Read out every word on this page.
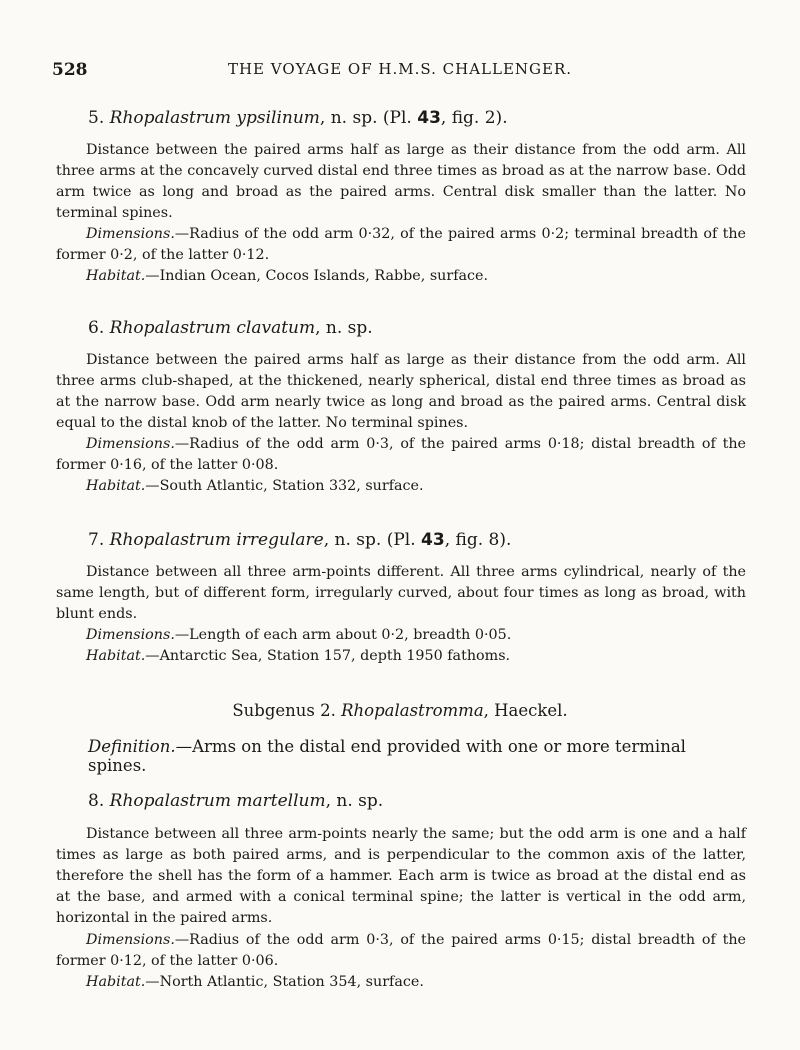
528	THE VOYAGE OF H.M.S. CHALLENGER.
5. Rhopalastrum ypsilinum, n. sp. (Pl. 43, fig. 2).

Distance between the paired arms half as large as their distance from the odd arm. All three arms at the concavely curved distal end three times as broad as at the narrow base. Odd arm twice as long and broad as the paired arms. Central disk smaller than the latter. No terminal spines.

Dimensions.—Radius of the odd arm 0·32, of the paired arms 0·2; terminal breadth of the former 0·2, of the latter 0·12.
Habitat.—Indian Ocean, Cocos Islands, Rabbe, surface.
6. Rhopalastrum clavatum, n. sp.

Distance between the paired arms half as large as their distance from the odd arm. All three arms club-shaped, at the thickened, nearly spherical, distal end three times as broad as at the narrow base. Odd arm nearly twice as long and broad as the paired arms. Central disk equal to the distal knob of the latter. No terminal spines.

Dimensions.—Radius of the odd arm 0·3, of the paired arms 0·18; distal breadth of the former 0·16, of the latter 0·08.
Habitat.—South Atlantic, Station 332, surface.
7. Rhopalastrum irregulare, n. sp. (Pl. 43, fig. 8).

Distance between all three arm-points different. All three arms cylindrical, nearly of the same length, but of different form, irregularly curved, about four times as long as broad, with blunt ends.

Dimensions.—Length of each arm about 0·2, breadth 0·05.
Habitat.—Antarctic Sea, Station 157, depth 1950 fathoms.
Subgenus 2. Rhopalastromma, Haeckel.
Definition.—Arms on the distal end provided with one or more terminal spines.
8. Rhopalastrum martellum, n. sp.

Distance between all three arm-points nearly the same; but the odd arm is one and a half times as large as both paired arms, and is perpendicular to the common axis of the latter, therefore the shell has the form of a hammer. Each arm is twice as broad at the distal end as at the base, and armed with a conical terminal spine; the latter is vertical in the odd arm, horizontal in the paired arms.

Dimensions.—Radius of the odd arm 0·3, of the paired arms 0·15; distal breadth of the former 0·12, of the latter 0·06.
Habitat.—North Atlantic, Station 354, surface.
